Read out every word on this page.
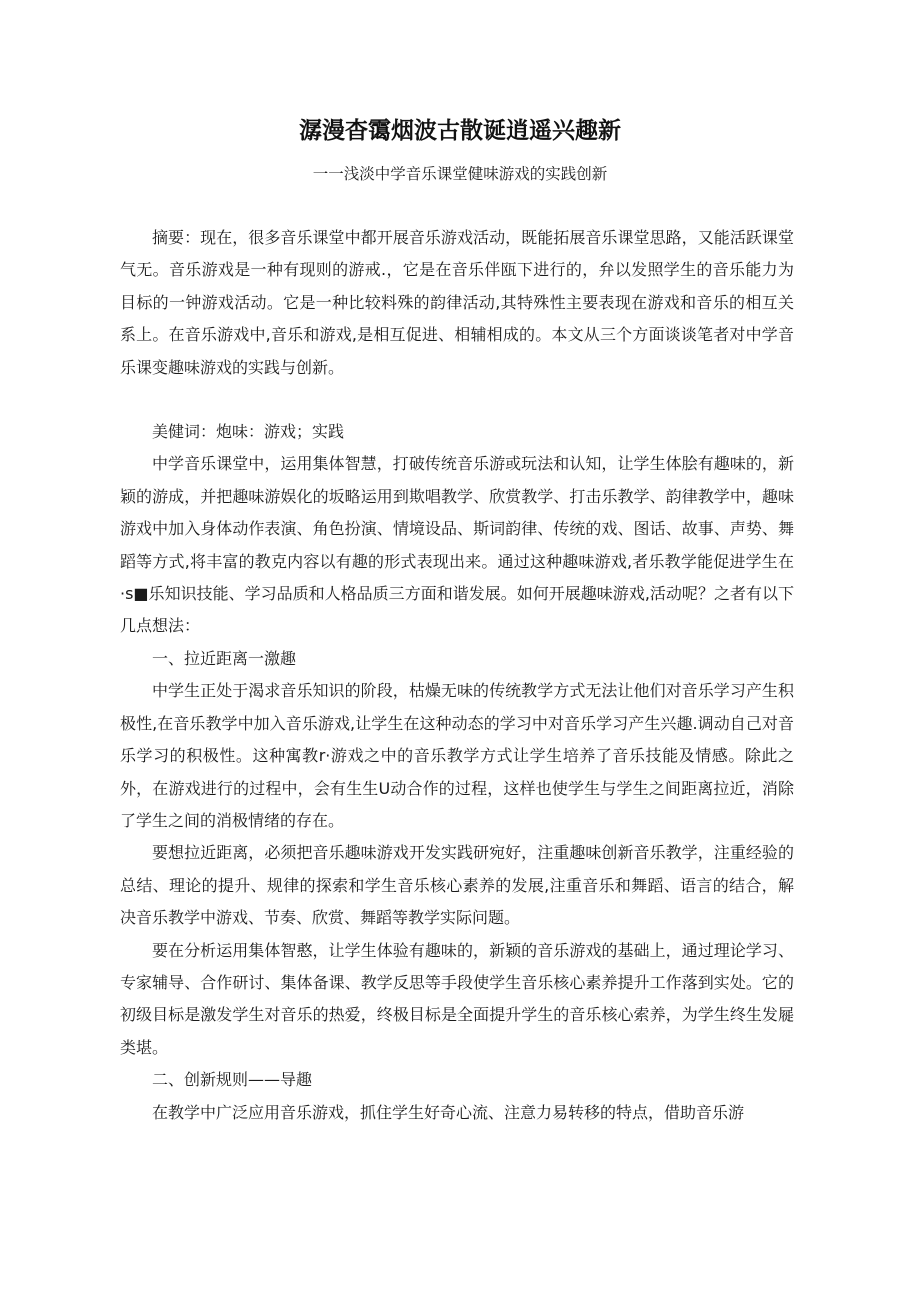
潺漫杳霭烟波古散诞逍遥兴趣新
一一浅淡中学音乐课堂健味游戏的实践创新

摘要：现在，很多音乐课堂中都开展音乐游戏活动，既能拓展音乐课堂思路，又能活跃课堂气无。音乐游戏是一种有现则的游戒.，它是在音乐伴瓯下进行的，弁以发照学生的音乐能力为目标的一钟游戏活动。它是一种比较料殊的韵律活动,其特殊性主要表现在游戏和音乐的相互关系上。在音乐游戏中,音乐和游戏,是相互促进、相辅相成的。本文从三个方面谈谈笔者对中学音乐课变趣味游戏的实践与创新。

美健词：炮味：游戏；实践

中学音乐课堂中，运用集体智慧，打破传统音乐游或玩法和认知，让学生体脍有趣味的，新颖的游成，并把趣味游娱化的坂略运用到欺唱教学、欣赏教学、打击乐教学、韵律教学中，趣味游戏中加入身体动作表演、角色扮演、情境设品、斯词韵律、传统的戏、图话、故事、声势、舞蹈等方式,将丰富的教克内容以有趣的形式表现出来。通过这种趣味游戏,者乐教学能促进学生在·s■乐知识技能、学习品质和人格品质三方面和谐发展。如何开展趣味游戏,活动呢？之者有以下几点想法：

一、拉近距离一激趣

中学生正处于渴求音乐知识的阶段，枯燥无味的传统教学方式无法让他们对音乐学习产生积极性,在音乐教学中加入音乐游戏,让学生在这种动态的学习中对音乐学习产生兴趣.调动自己对音乐学习的积极性。这种寓教r·游戏之中的音乐教学方式让学生培养了音乐技能及情感。除此之外，在游戏进行的过程中，会有生生U动合作的过程，这样也使学生与学生之间距离拉近，消除了学生之间的消极情绪的存在。

要想拉近距离，必须把音乐趣味游戏开发实践研宛好，注重趣味创新音乐教学，注重经验的总结、理论的提升、规律的探索和学生音乐核心素养的发展,注重音乐和舞蹈、语言的结合，解决音乐教学中游戏、节奏、欣赏、舞蹈等教学实际问题。

要在分析运用集体智憨，让学生体验有趣味的，新颖的音乐游戏的基础上，通过理论学习、专家辅导、合作研讨、集体备课、教学反思等手段使学生音乐核心素养提升工作落到实处。它的初级目标是激发学生对音乐的热爱，终极目标是全面提升学生的音乐核心索养，为学生终生发屣类堪。

二、创新规则——导趣

在教学中广泛应用音乐游戏，抓住学生好奇心流、注意力易转移的特点，借助音乐游
